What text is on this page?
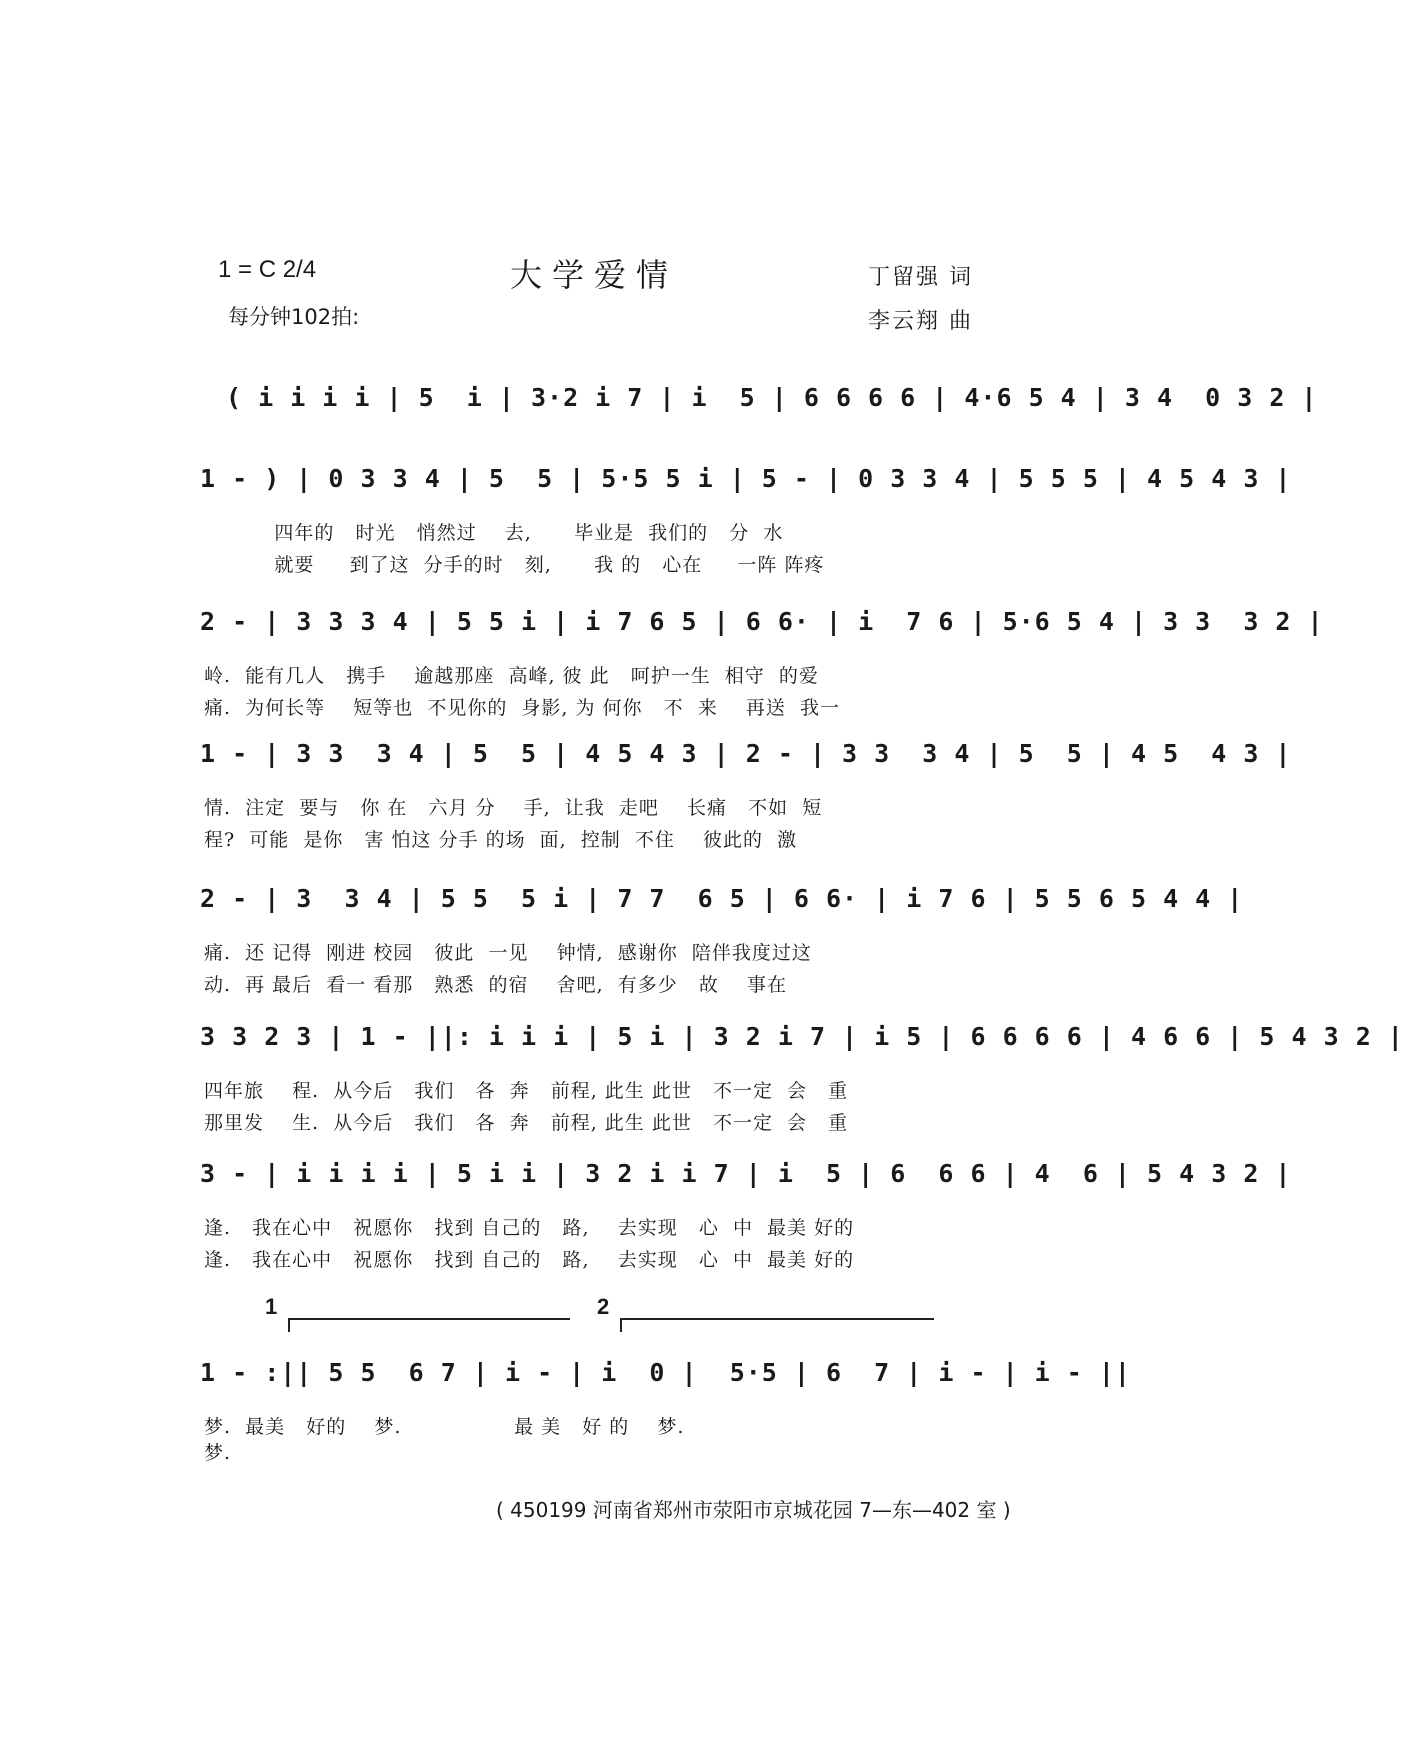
1 = C 2/4
每分钟102拍:
大学爱情	丁留强 词
李云翔 曲
( i i i i | 5  i | 3·2 i 7 | i  5 | 6 6 6 6 | 4·6 5 4 | 3 4  0 3 2 |
1 - ) | 0 3 3 4 | 5  5 | 5·5 5 i | 5 - | 0 3 3 4 | 5 5 5 | 4 5 4 3 |
四年的   时光   悄然过    去,      毕业是  我们的   分  水
就要     到了这  分手的时   刻,      我 的   心在     一阵 阵疼
2 - | 3 3 3 4 | 5 5 i | i 7 6 5 | 6 6· | i  7 6 | 5·6 5 4 | 3 3  3 2 |
岭.  能有几人   携手    逾越那座  高峰, 彼 此   呵护一生  相守  的爱
痛.  为何长等    短等也  不见你的  身影, 为 何你   不  来    再送  我一
1 - | 3 3  3 4 | 5  5 | 4 5 4 3 | 2 - | 3 3  3 4 | 5  5 | 4 5  4 3 |
情.  注定  要与   你 在   六月 分    手,  让我  走吧    长痛   不如  短
程?  可能  是你   害 怕这 分手 的场  面,  控制  不住    彼此的  激
2 - | 3  3 4 | 5 5  5 i | 7 7  6 5 | 6 6· | i 7 6 | 5 5 6 5 4 4 |
痛.  还 记得  刚进 校园   彼此  一见    钟情,  感谢你  陪伴我度过这
动.  再 最后  看一 看那   熟悉  的宿    舍吧,  有多少   故    事在
3 3 2 3 | 1 - ||: i i i | 5 i | 3 2 i 7 | i 5 | 6 6 6 6 | 4 6 6 | 5 4 3 2 |
四年旅    程.  从今后   我们   各  奔   前程, 此生 此世   不一定  会   重
那里发    生.  从今后   我们   各  奔   前程, 此生 此世   不一定  会   重
3 - | i i i i | 5 i i | 3 2 i i 7 | i  5 | 6  6 6 | 4  6 | 5 4 3 2 |
逢.   我在心中   祝愿你   找到 自己的   路,    去实现   心  中  最美 好的
逢.   我在心中   祝愿你   找到 自己的   路,    去实现   心  中  最美 好的
1	2
1 - :|| 5 5  6 7 | i - | i  0 |  5·5 | 6  7 | i - | i - ||
梦.  最美   好的    梦.                最 美   好 的    梦.
梦.
( 450199 河南省郑州市荥阳市京城花园 7—东—402 室 )
